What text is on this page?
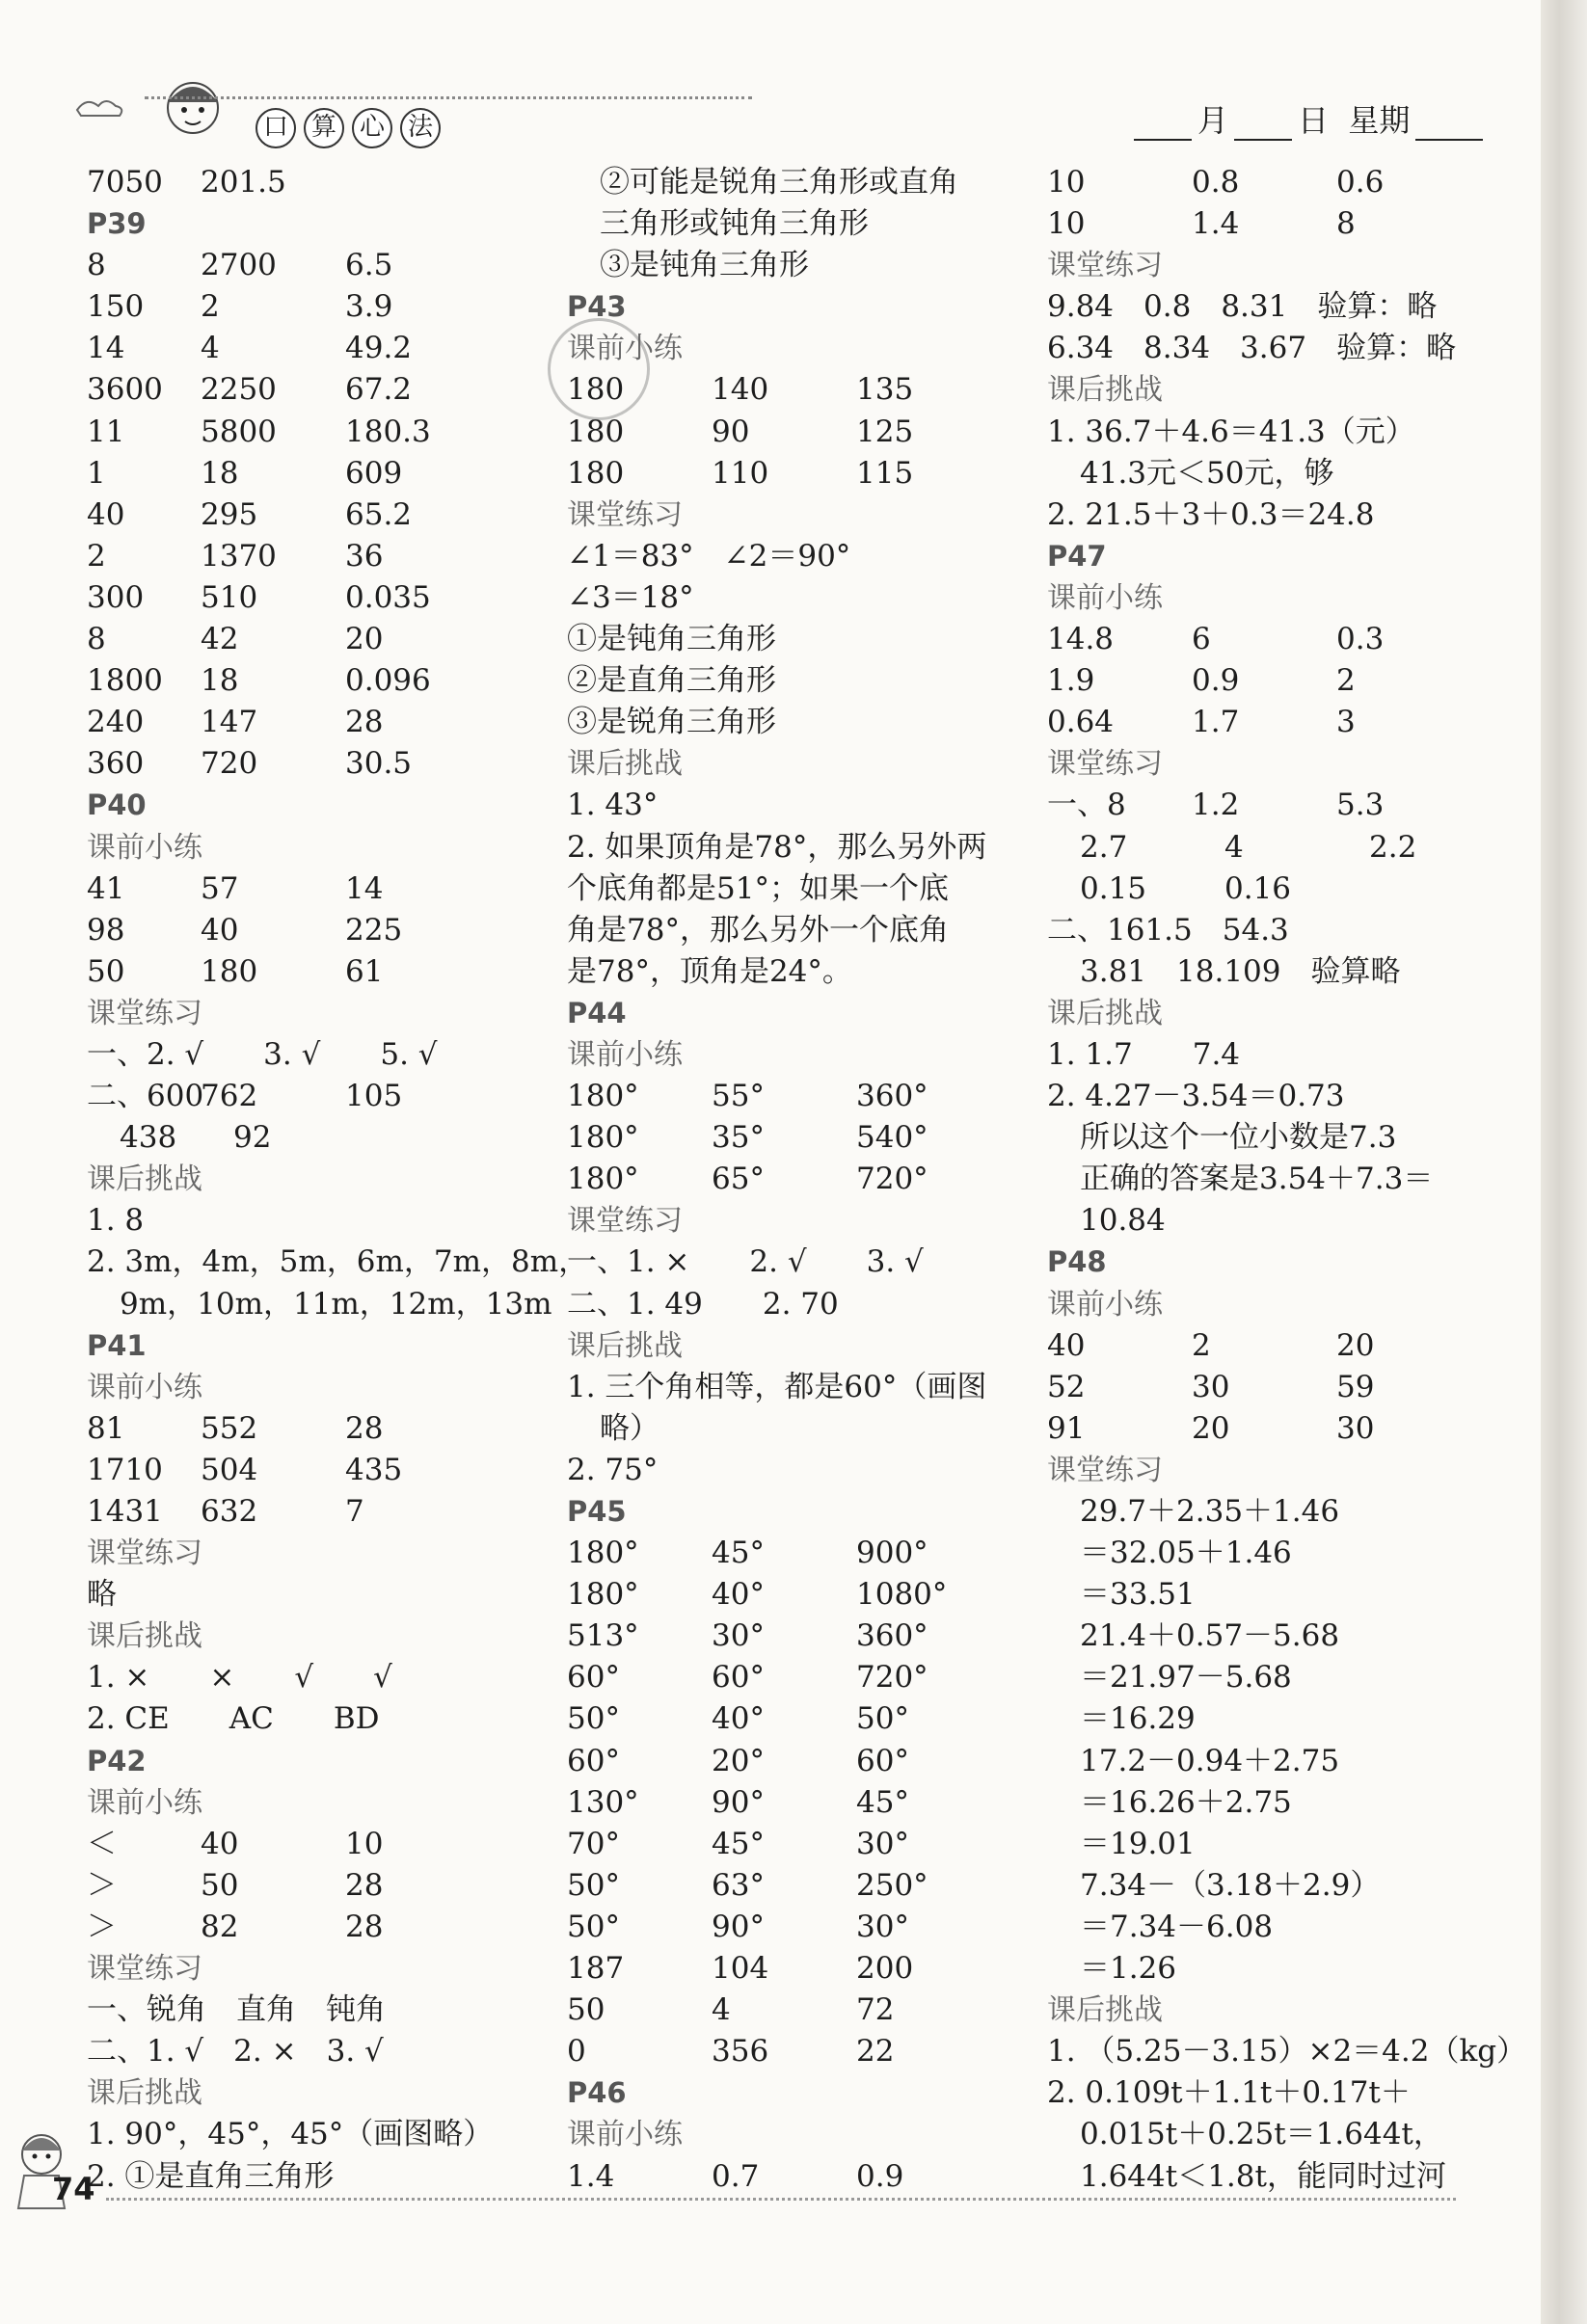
口 算 心 法	月 日 星期
7050 201.5
P39
8	2700 6.5
150 2	3.9
14	4	49.2
3600 2250 67.2
11	5800 180.3
1	18	609
40	295	65.2
2	1370 36
300 510	0.035
8	42	20
1800 18	0.096
240 147	28
360 720	30.5
P40
课前小练
41	57	14
98	40	225
50	180	61
课堂练习
一、2. √　　3. √　　5. √
二、600762	105
438 92
课后挑战
1. 8
2. 3m，4m，5m，6m，7m，8m，
9m，10m，11m，12m，13m
P41
课前小练
81	552	28
1710 504	435
1431 632	7
课堂练习
略
课后挑战
1. ×　　×　　√　　√
2. CE　　AC　　BD
P42
课前小练
＜	40	10
＞	50	28
＞	82	28
课堂练习
一、锐角　直角　钝角
二、1. √　2. ×　3. √
课后挑战
1. 90°，45°，45°（画图略）
2. ①是直角三角形
②可能是锐角三角形或直角
三角形或钝角三角形
③是钝角三角形
P43
课前小练
180	140	135
180	90	125
180	110	115
课堂练习
∠1＝83°　∠2＝90°
∠3＝18°
①是钝角三角形
②是直角三角形
③是锐角三角形
课后挑战
1. 43°
2. 如果顶角是78°，那么另外两
个底角都是51°；如果一个底
角是78°，那么另外一个底角
是78°，顶角是24°。
P44
课前小练
180° 55°	360°
180° 35°	540°
180° 65°	720°
课堂练习
一、1. ×　　2. √　　3. √
二、1. 49　　2. 70
课后挑战
1. 三个角相等，都是60°（画图
略）
2. 75°
P45
180° 45°	900°
180° 40°	1080°
513° 30°	360°
60°	60°	720°
50°	40°	50°
60°	20°	60°
130° 90°	45°
70°	45°	30°
50°	63°	250°
50°	90°	30°
187	104	200
50	4	72
0	356	22
P46
课前小练
1.4	0.7	0.9
10	0.8	0.6
10	1.4	8
课堂练习
9.84　0.8　8.31　验算：略
6.34　8.34　3.67　验算：略
课后挑战
1. 36.7＋4.6＝41.3（元）
41.3元＜50元，够
2. 21.5＋3＋0.3＝24.8
P47
课前小练
14.8	6	0.3
1.9	0.9	2
0.64	1.7	3
课堂练习
一、8 1.2	5.3
2.7	4	2.2
0.15	0.16
二、161.5　54.3
3.81　18.109　验算略
课后挑战
1. 1.7　　7.4
2. 4.27－3.54＝0.73
所以这个一位小数是7.3
正确的答案是3.54＋7.3＝
10.84
P48
课前小练
40	2	20
52	30	59
91	20	30
课堂练习
29.7＋2.35＋1.46
＝32.05＋1.46
＝33.51
21.4＋0.57－5.68
＝21.97－5.68
＝16.29
17.2－0.94＋2.75
＝16.26＋2.75
＝19.01
7.34－（3.18＋2.9）
＝7.34－6.08
＝1.26
课后挑战
1. （5.25－3.15）×2＝4.2（kg）
2. 0.109t＋1.1t＋0.17t＋
0.015t＋0.25t＝1.644t，
1.644t＜1.8t，能同时过河
74
